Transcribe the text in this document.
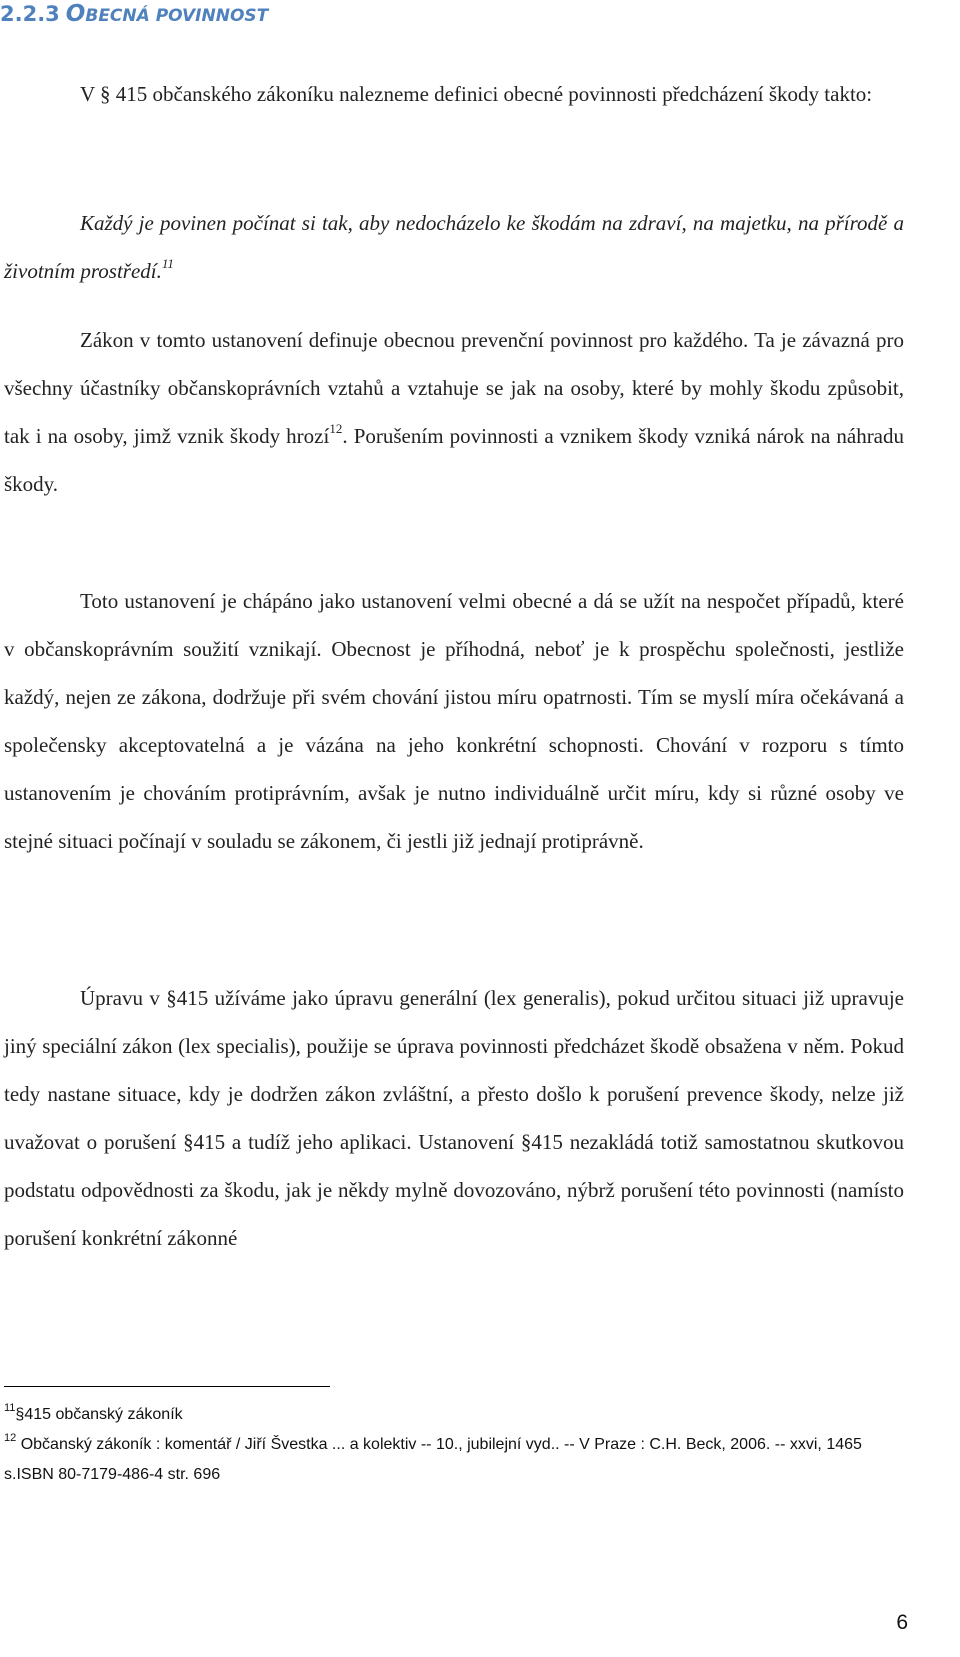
2.2.3 OBECNÁ POVINNOST

V § 415 občanského zákoníku nalezneme definici obecné povinnosti předcházení škody takto:

Každý je povinen počínat si tak, aby nedocházelo ke škodám na zdraví, na majetku, na přírodě a životním prostředí.$^{11}$

Zákon v tomto ustanovení definuje obecnou prevenční povinnost pro každého. Ta je závazná pro všechny účastníky občanskoprávních vztahů a vztahuje se jak na osoby, které by mohly škodu způsobit, tak i na osoby, jimž vznik škody hrozí$^{12}$. Porušením povinnosti a vznikem škody vzniká nárok na náhradu škody.

Toto ustanovení je chápáno jako ustanovení velmi obecné a dá se užít na nespočet případů, které v občanskoprávním soužití vznikají. Obecnost je příhodná, neboť je k prospěchu společnosti, jestliže každý, nejen ze zákona, dodržuje při svém chování jistou míru opatrnosti. Tím se myslí míra očekávaná a společensky akceptovatelná a je vázána na jeho konkrétní schopnosti. Chování v rozporu s tímto ustanovením je chováním protiprávním, avšak je nutno individuálně určit míru, kdy si různé osoby ve stejné situaci počínají v souladu se zákonem, či jestli již jednají protiprávně.

Úpravu v §415 užíváme jako úpravu generální (lex generalis), pokud určitou situaci již upravuje jiný speciální zákon (lex specialis), použije se úprava povinnosti předcházet škodě obsažena v něm. Pokud tedy nastane situace, kdy je dodržen zákon zvláštní, a přesto došlo k porušení prevence škody, nelze již uvažovat o porušení §415 a tudíž jeho aplikaci. Ustanovení §415 nezakládá totiž samostatnou skutkovou podstatu odpovědnosti za škodu, jak je někdy mylně dovozováno, nýbrž porušení této povinnosti (namísto porušení konkrétní zákonné

$^{11}$§415 občanský zákoník

$^{12}$ Občanský zákoník : komentář / Jiří Švestka ... a kolektiv -- 10., jubilejní vyd.. -- V Praze : C.H. Beck, 2006. -- xxvi, 1465 s.ISBN 80-7179-486-4 str. 696

6
